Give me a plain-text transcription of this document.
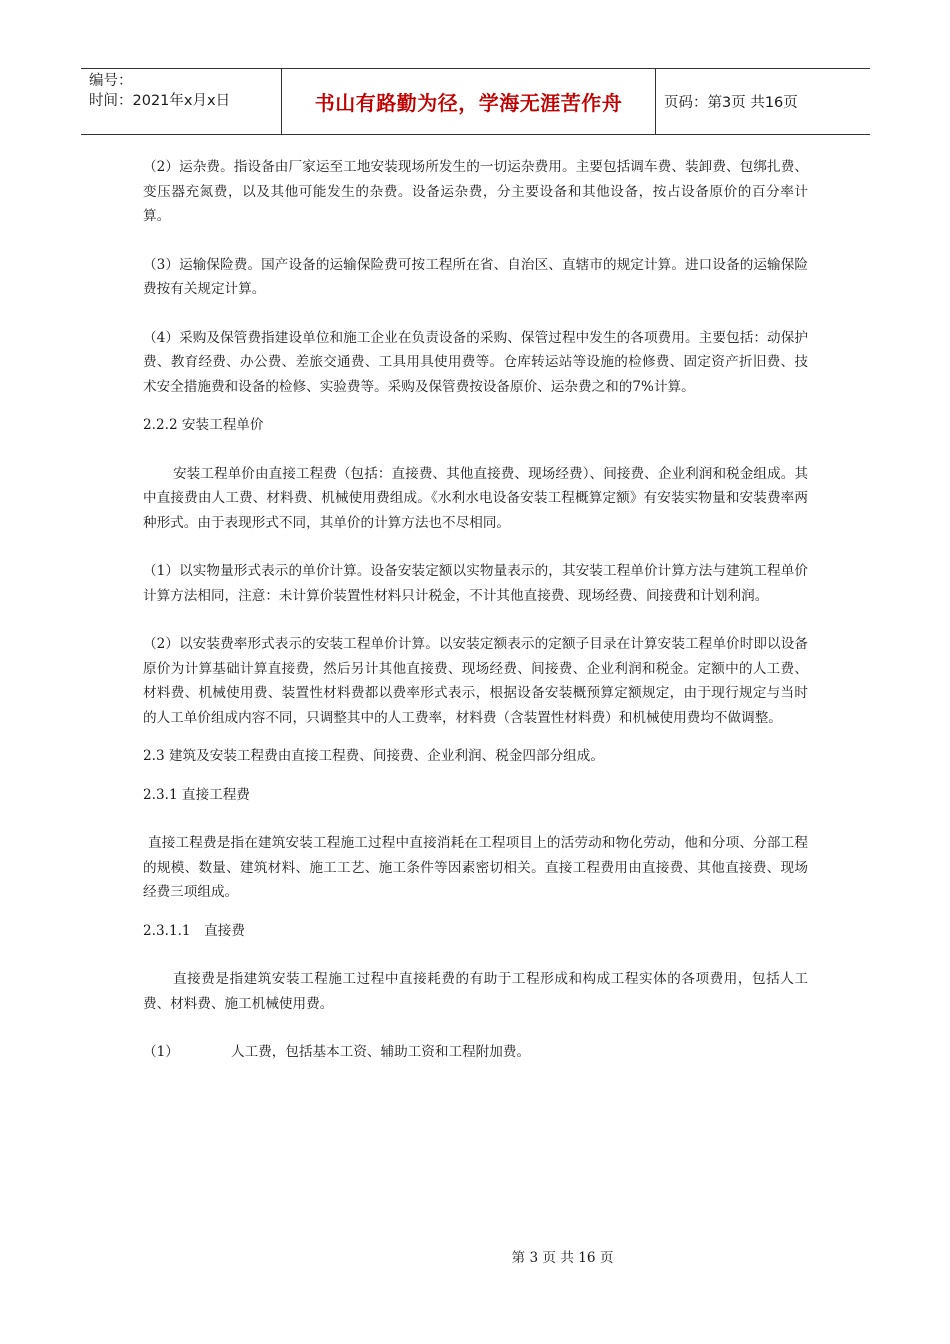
编号：
时间：2021年x月x日	书山有路勤为径，学海无涯苦作舟	页码：第3页 共16页

（2）运杂费。指设备由厂家运至工地安装现场所发生的一切运杂费用。主要包括调车费、装卸费、包绑扎费、变压器充氮费，以及其他可能发生的杂费。设备运杂费，分主要设备和其他设备，按占设备原价的百分率计算。

（3）运输保险费。国产设备的运输保险费可按工程所在省、自治区、直辖市的规定计算。进口设备的运输保险费按有关规定计算。

（4）采购及保管费指建设单位和施工企业在负责设备的采购、保管过程中发生的各项费用。主要包括：动保护费、教育经费、办公费、差旅交通费、工具用具使用费等。仓库转运站等设施的检修费、固定资产折旧费、技术安全措施费和设备的检修、实验费等。采购及保管费按设备原价、运杂费之和的7%计算。

2.2.2 安装工程单价

安装工程单价由直接工程费（包括：直接费、其他直接费、现场经费）、间接费、企业利润和税金组成。其中直接费由人工费、材料费、机械使用费组成。《水利水电设备安装工程概算定额》有安装实物量和安装费率两种形式。由于表现形式不同，其单价的计算方法也不尽相同。

（1）以实物量形式表示的单价计算。设备安装定额以实物量表示的，其安装工程单价计算方法与建筑工程单价计算方法相同，注意：未计算价装置性材料只计税金，不计其他直接费、现场经费、间接费和计划利润。

（2）以安装费率形式表示的安装工程单价计算。以安装定额表示的定额子目录在计算安装工程单价时即以设备原价为计算基础计算直接费，然后另计其他直接费、现场经费、间接费、企业利润和税金。定额中的人工费、材料费、机械使用费、装置性材料费都以费率形式表示，根据设备安装概预算定额规定，由于现行规定与当时的人工单价组成内容不同，只调整其中的人工费率，材料费（含装置性材料费）和机械使用费均不做调整。

2.3 建筑及安装工程费由直接工程费、间接费、企业利润、税金四部分组成。

2.3.1 直接工程费

直接工程费是指在建筑安装工程施工过程中直接消耗在工程项目上的活劳动和物化劳动，他和分项、分部工程的规模、数量、建筑材料、施工工艺、施工条件等因素密切相关。直接工程费用由直接费、其他直接费、现场经费三项组成。

2.3.1.1　直接费

直接费是指建筑安装工程施工过程中直接耗费的有助于工程形成和构成工程实体的各项费用，包括人工费、材料费、施工机械使用费。

（1）	人工费，包括基本工资、辅助工资和工程附加费。

第 3 页 共 16 页
